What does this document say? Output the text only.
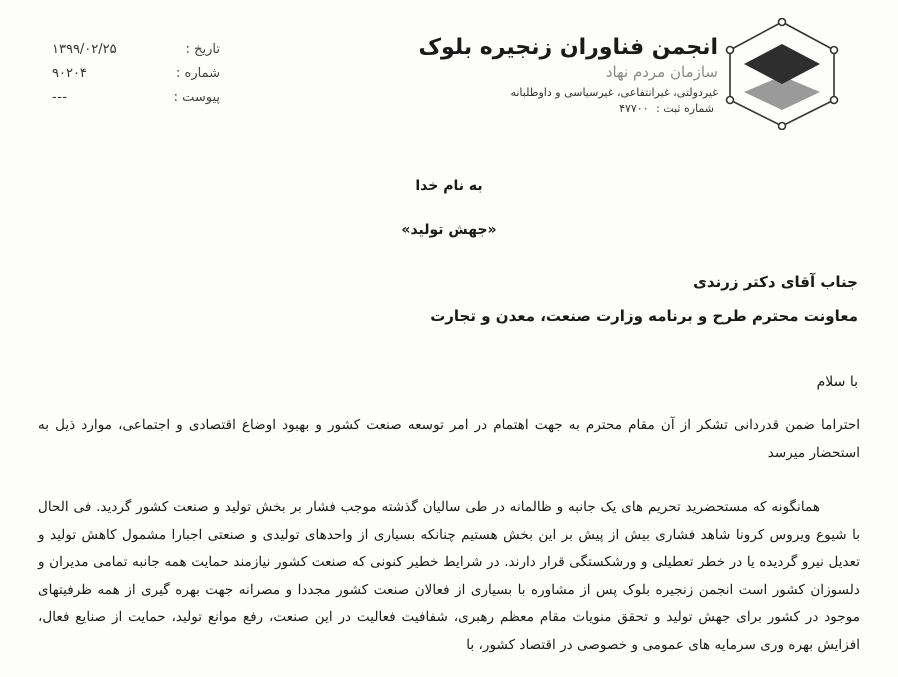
انجمن فناوران زنجیره بلوک
سازمان مردم نهاد
غیردولتی، غیرانتفاعی، غیرسیاسی و داوطلبانه
شماره ثبت : ۴۷۷۰۰
تاریخ :
۱۳۹۹/۰۲/۲۵
شماره :
۹۰۲۰۴
پیوست :
---
به نام خدا
«جهش تولید»
جناب آقای دکتر زرندی
معاونت محترم طرح و برنامه وزارت صنعت، معدن و تجارت
با سلام
احتراما ضمن قدردانی تشکر از آن مقام محترم به جهت اهتمام در امر توسعه صنعت کشور و بهبود اوضاع اقتصادی و اجتماعی، موارد ذیل به استحضار میرسد
همانگونه که مستحضرید تحریم های یک جانبه و ظالمانه در طی سالیان گذشته موجب فشار بر بخش تولید و صنعت کشور گردید. فی الحال با شیوع ویروس کرونا شاهد فشاری بیش از پیش بر این بخش هستیم چنانکه بسیاری از واحدهای تولیدی و صنعتی اجبارا مشمول کاهش تولید و تعدیل نیرو گردیده یا در خطر تعطیلی و ورشکستگی قرار دارند. در شرایط خطیر کنونی که صنعت کشور نیازمند حمایت همه جانبه تمامی مدیران و دلسوزان کشور است انجمن زنجیره بلوک پس از مشاوره با بسیاری از فعالان صنعت کشور مجددا و مصرانه جهت بهره گیری از همه ظرفیتهای موجود در کشور برای جهش تولید و تحقق منویات مقام معظم رهبری، شفافیت فعالیت در این صنعت، رفع موانع تولید، حمایت از صنایع فعال، افزایش بهره وری سرمایه های عمومی و خصوصی در اقتصاد کشور، با
